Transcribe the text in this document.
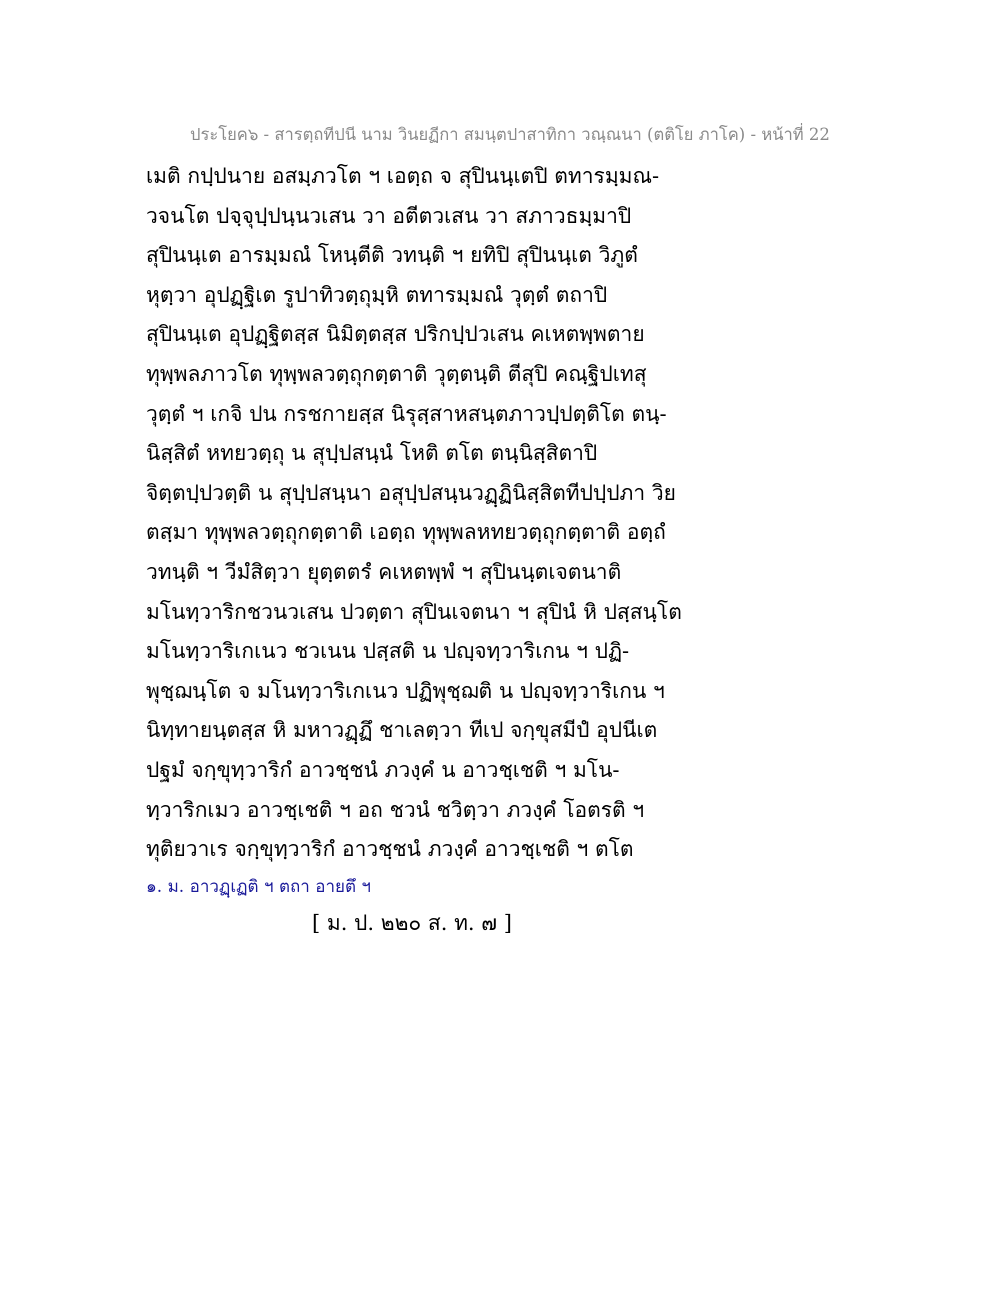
ประโยค๖ - สารตฺถทีปนี นาม วินยฏีกา สมนฺตปาสาทิกา วณฺณนา (ตติโย ภาโค) - หน้าที่ 22
เมติ กปฺปนาย อสมฺภวโต ฯ เอตฺถ จ สุปินนฺเตปิ ตทารมฺมณ-
วจนโต ปจฺจุปฺปนฺนวเสน วา อตีตวเสน วา สภาวธมฺมาปิ
สุปินนฺเต อารมฺมณํ โหนฺตีติ วทนฺติ ฯ ยทิปิ สุปินนฺเต วิภูตํ
หุตฺวา อุปฏฺฐิเต รูปาทิวตฺถุมฺหิ ตทารมฺมณํ วุตฺตํ ตถาปิ
สุปินนฺเต อุปฏฺฐิตสฺส นิมิตฺตสฺส ปริกปฺปวเสน คเหตพฺพตาย
ทุพฺพลภาวโต ทุพฺพลวตฺถุกตฺตาติ วุตฺตนฺติ ตีสุปิ คณฺฐิปเทสุ
วุตฺตํ ฯ เกจิ ปน กรชกายสฺส นิรุสฺสาหสนฺตภาวปฺปตฺติโต ตนฺ-
นิสฺสิตํ หทยวตฺถุ น สุปฺปสนฺนํ โหติ ตโต ตนฺนิสฺสิตาปิ
จิตฺตปฺปวตฺติ น สุปฺปสนฺนา อสุปฺปสนฺนวฏฺฏินิสฺสิตทีปปฺปภา วิย
ตสฺมา ทุพฺพลวตฺถุกตฺตาติ เอตฺถ ทุพฺพลหทยวตฺถุกตฺตาติ อตฺถํ
วทนฺติ ฯ วีมํสิตฺวา ยุตฺตตรํ คเหตพฺพํ ฯ สุปินนฺตเจตนาติ
มโนทฺวาริกชวนวเสน ปวตฺตา สุปินเจตนา ฯ สุปินํ หิ ปสฺสนฺโต
มโนทฺวาริเกเนว ชวเนน ปสฺสติ น ปญฺจทฺวาริเกน ฯ ปฏิ-
พุชฺฌนฺโต จ มโนทฺวาริเกเนว ปฏิพุชฺฌติ น ปญฺจทฺวาริเกน ฯ
นิทฺทายนฺตสฺส หิ มหาวฏฺฏึ ชาเลตฺวา ทีเป จกฺขุสมีปํ อุปนีเต
ปฐมํ จกฺขุทฺวาริกํ อาวชฺชนํ ภวงฺคํ น อาวชฺเชติ ฯ มโน-
ทฺวาริกเมว อาวชฺเชติ ฯ อถ ชวนํ ชวิตฺวา ภวงฺคํ โอตรติ ฯ
ทุติยวาเร จกฺขุทฺวาริกํ อาวชฺชนํ ภวงฺคํ อาวชฺเชติ ฯ ตโต
๑. ม. อาวฏฺเฏติ ฯ ตถา อายตึ ฯ
[ ม. ป. ๒๒๐ ส. ท. ๗ ]
